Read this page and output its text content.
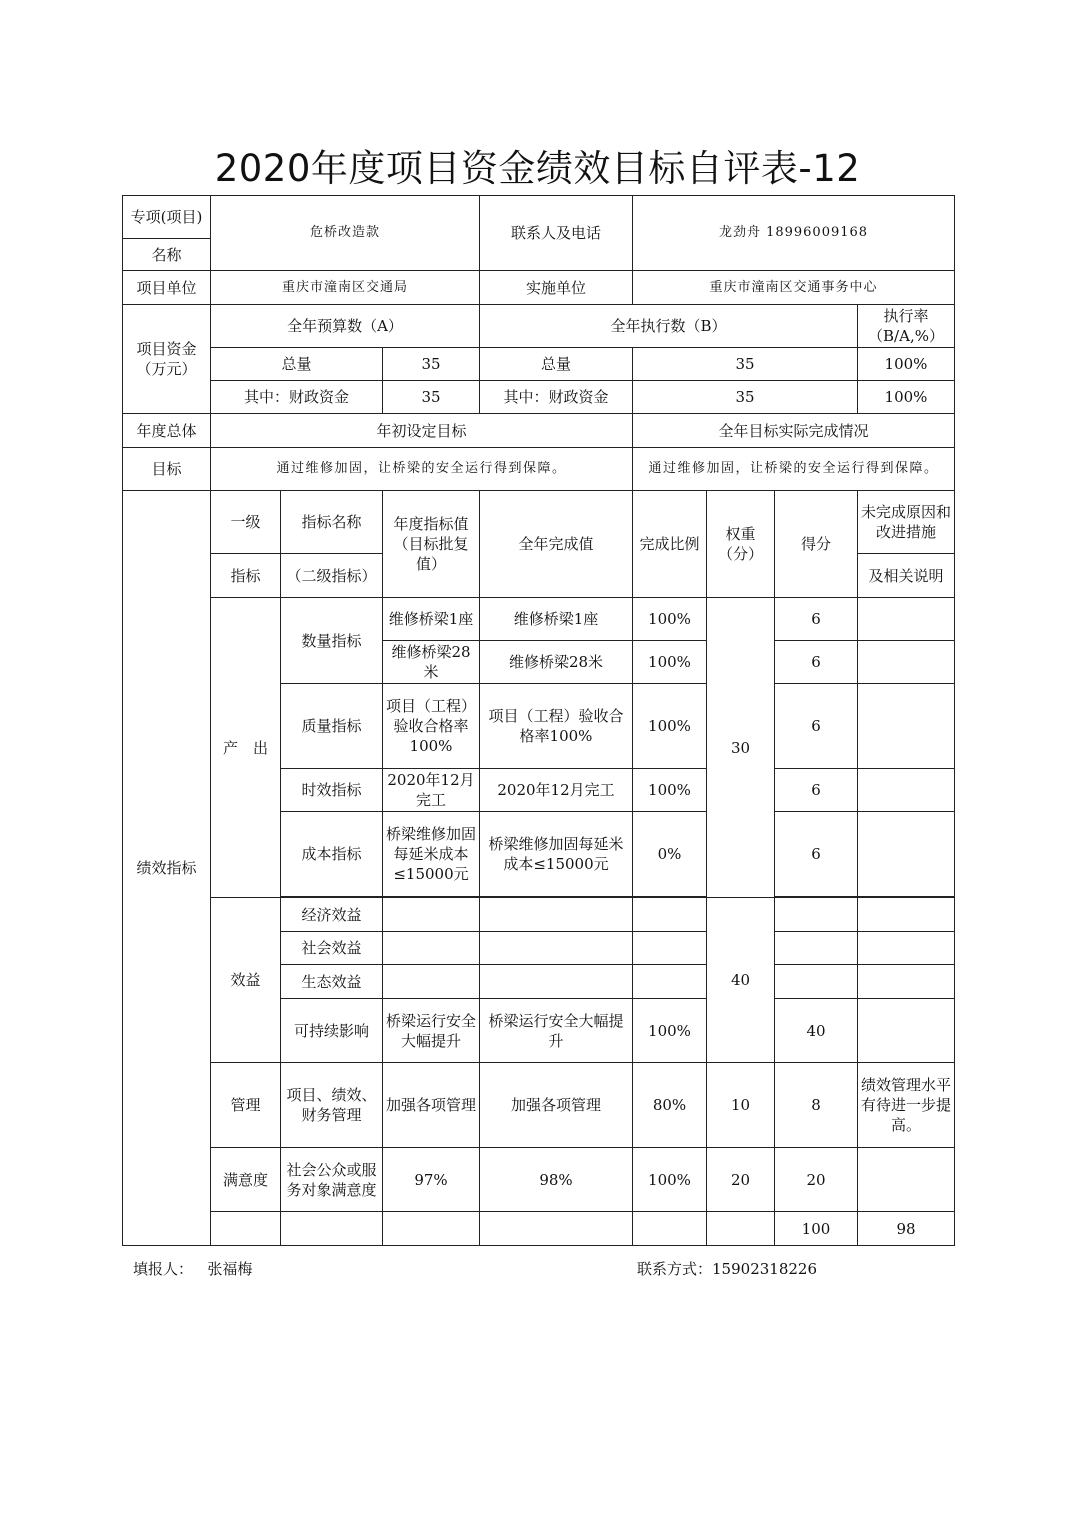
2020年度项目资金绩效目标自评表-12
专项(项目)	危桥改造款			联系人及电话	龙劲舟 18996009168				
名称									
项目单位	重庆市潼南区交通局			实施单位	重庆市潼南区交通事务中心				
项目资金（万元）	全年预算数（A）			全年执行数（B）				执行率（B/A,%）	
	总量		35	总量	35			100%	
	其中：财政资金		35	其中：财政资金	35			100%	
年度总体	年初设定目标				全年目标实际完成情况				
目标	通过维修加固，让桥梁的安全运行得到保障。				通过维修加固，让桥梁的安全运行得到保障。				
绩效指标	一级	指标名称	年度指标值（目标批复值）	全年完成值	完成比例	权重（分）	得分	未完成原因和改进措施	
	指标	（二级指标）						及相关说明	
	产　出	数量指标	维修桥梁1座	维修桥梁1座	100%	30	6		
			维修桥梁28米	维修桥梁28米	100%		6		
		质量指标	项目（工程）验收合格率100%	项目（工程）验收合格率100%	100%		6		
		时效指标	2020年12月完工	2020年12月完工	100%		6		
		成本指标	桥梁维修加固每延米成本≤15000元	桥梁维修加固每延米成本≤15000元	0%		6		

	效益	经济效益				40			
		社会效益							
		生态效益							
		可持续影响	桥梁运行安全大幅提升	桥梁运行安全大幅提升	100%		40		
	管理	项目、绩效、财务管理	加强各项管理	加强各项管理	80%	10	8	绩效管理水平有待进一步提高。	
	满意度	社会公众或服务对象满意度	97%	98%	100%	20	20		
							100	98	
填报人： 张福梅	联系方式：15902318226
